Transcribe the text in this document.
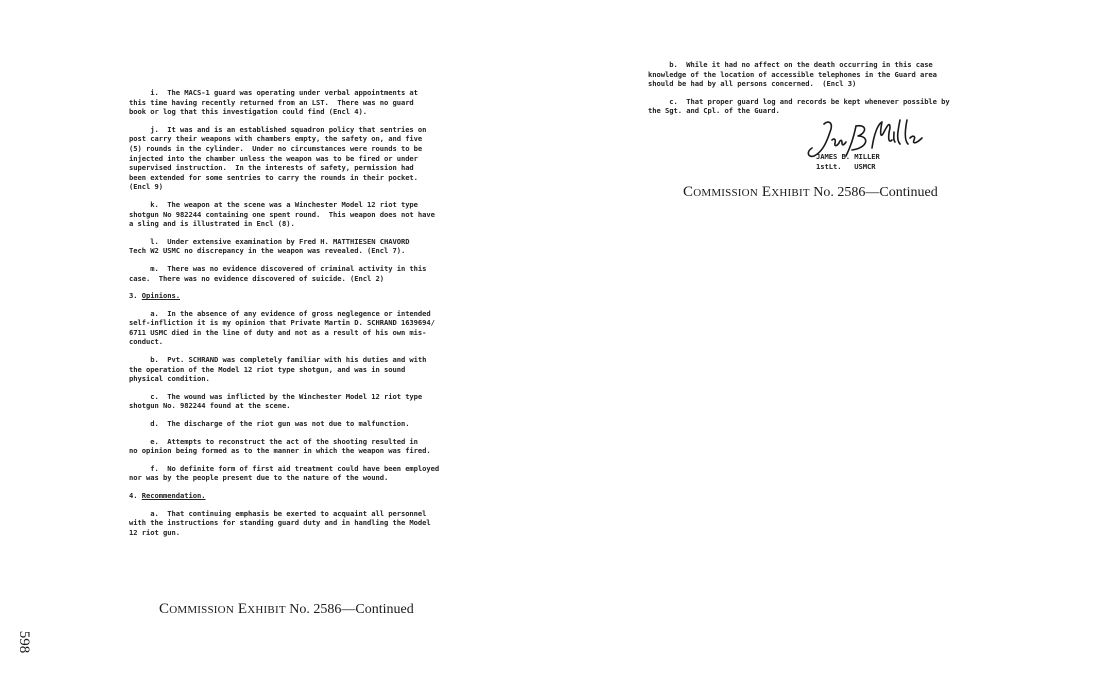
i.  The MACS-1 guard was operating under verbal appointments at
this time having recently returned from an LST.  There was no guard
book or log that this investigation could find (Encl 4).
j.  It was and is an established squadron policy that sentries on
post carry their weapons with chambers empty, the safety on, and five
(5) rounds in the cylinder.  Under no circumstances were rounds to be
injected into the chamber unless the weapon was to be fired or under
supervised instruction.  In the interests of safety, permission had
been extended for some sentries to carry the rounds in their pocket.
(Encl 9)
k.  The weapon at the scene was a Winchester Model 12 riot type
shotgun No 982244 containing one spent round.  This weapon does not have
a sling and is illustrated in Encl (8).
l.  Under extensive examination by Fred H. MATTHIESEN CHAVORD
Tech W2 USMC no discrepancy in the weapon was revealed. (Encl 7).
m.  There was no evidence discovered of criminal activity in this
case.  There was no evidence discovered of suicide. (Encl 2)
3. Opinions.
a.  In the absence of any evidence of gross neglegence or intended
self-infliction it is my opinion that Private Martin D. SCHRAND 1639694/
6711 USMC died in the line of duty and not as a result of his own mis-
conduct.
b.  Pvt. SCHRAND was completely familiar with his duties and with
the operation of the Model 12 riot type shotgun, and was in sound
physical condition.
c.  The wound was inflicted by the Winchester Model 12 riot type
shotgun No. 982244 found at the scene.
d.  The discharge of the riot gun was not due to malfunction.
e.  Attempts to reconstruct the act of the shooting resulted in
no opinion being formed as to the manner in which the weapon was fired.
f.  No definite form of first aid treatment could have been employed
nor was by the people present due to the nature of the wound.
4. Recommendation.
a.  That continuing emphasis be exerted to acquaint all personnel
with the instructions for standing guard duty and in handling the Model
12 riot gun.
Commission Exhibit No. 2586—Continued
598
b.  While it had no affect on the death occurring in this case
knowledge of the location of accessible telephones in the Guard area
should be had by all persons concerned.  (Encl 3)
c.  That proper guard log and records be kept whenever possible by
the Sgt. and Cpl. of the Guard.
JAMES B. MILLER
1stLt.   USMCR
Commission Exhibit No. 2586—Continued
